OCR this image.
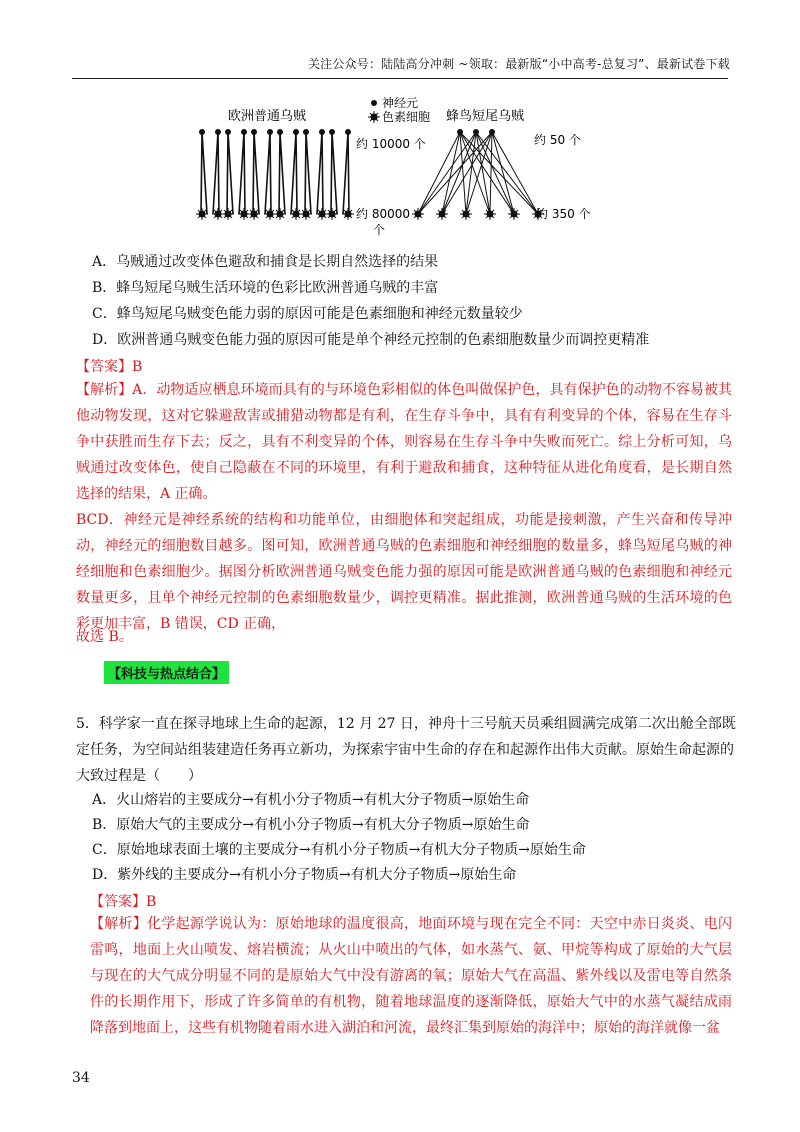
关注公众号：陆陆高分冲刺 ~领取：最新版“小中高考-总复习”、最新试卷下载
欧洲普通乌贼
神经元
色素细胞 蜂鸟短尾乌贼
约 10000 个
约 80000
个
约 50 个
约 350 个
A．乌贼通过改变体色避敌和捕食是长期自然选择的结果
B．蜂鸟短尾乌贼生活环境的色彩比欧洲普通乌贼的丰富
C．蜂鸟短尾乌贼变色能力弱的原因可能是色素细胞和神经元数量较少
D．欧洲普通乌贼变色能力强的原因可能是单个神经元控制的色素细胞数量少而调控更精准
【答案】B
【解析】A．动物适应栖息环境而具有的与环境色彩相似的体色叫做保护色，具有保护色的动物不容易被其他动物发现，这对它躲避敌害或捕猎动物都是有利，在生存斗争中，具有有利变异的个体，容易在生存斗争中获胜而生存下去；反之，具有不利变异的个体，则容易在生存斗争中失败而死亡。综上分析可知，乌贼通过改变体色，使自己隐蔽在不同的环境里，有利于避敌和捕食，这种特征从进化角度看，是长期自然选择的结果，A 正确。
BCD．神经元是神经系统的结构和功能单位，由细胞体和突起组成，功能是接刺激，产生兴奋和传导冲动，神经元的细胞数目越多。图可知，欧洲普通乌贼的色素细胞和神经细胞的数量多，蜂鸟短尾乌贼的神经细胞和色素细胞少。据图分析欧洲普通乌贼变色能力强的原因可能是欧洲普通乌贼的色素细胞和神经元数量更多，且单个神经元控制的色素细胞数量少，调控更精准。据此推测，欧洲普通乌贼的生活环境的色彩更加丰富，B 错误，CD 正确，
故选 B。
【科技与热点结合】
5．科学家一直在探寻地球上生命的起源，12 月 27 日，神舟十三号航天员乘组圆满完成第二次出舱全部既定任务，为空间站组装建造任务再立新功，为探索宇宙中生命的存在和起源作出伟大贡献。原始生命起源的大致过程是（　　）
A．火山熔岩的主要成分→有机小分子物质→有机大分子物质→原始生命
B．原始大气的主要成分→有机小分子物质→有机大分子物质→原始生命
C．原始地球表面土壤的主要成分→有机小分子物质→有机大分子物质→原始生命
D．紫外线的主要成分→有机小分子物质→有机大分子物质→原始生命
【答案】B
【解析】化学起源学说认为：原始地球的温度很高，地面环境与现在完全不同：天空中赤日炎炎、电闪雷鸣，地面上火山喷发、熔岩横流；从火山中喷出的气体，如水蒸气、氨、甲烷等构成了原始的大气层与现在的大气成分明显不同的是原始大气中没有游离的氧；原始大气在高温、紫外线以及雷电等自然条件的长期作用下，形成了许多简单的有机物，随着地球温度的逐渐降低，原始大气中的水蒸气凝结成雨降落到地面上，这些有机物随着雨水进入湖泊和河流，最终汇集到原始的海洋中；原始的海洋就像一盆
34
